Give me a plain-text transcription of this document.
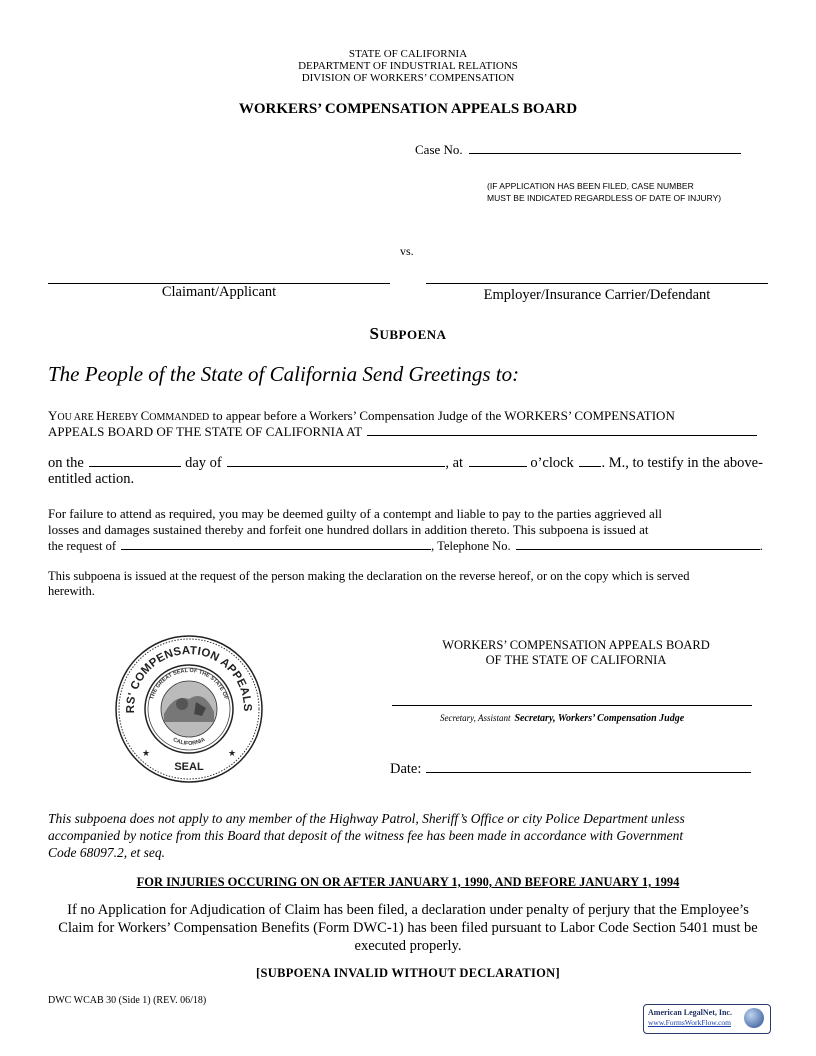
STATE OF CALIFORNIA
DEPARTMENT OF INDUSTRIAL RELATIONS
DIVISION OF WORKERS’ COMPENSATION
WORKERS’ COMPENSATION APPEALS BOARD
Case No.
(IF APPLICATION HAS BEEN FILED, CASE NUMBER
MUST BE INDICATED REGARDLESS OF DATE OF INJURY)
vs.
Claimant/Applicant	Employer/Insurance Carrier/Defendant
SUBPOENA
The People of the State of California Send Greetings to:
YOU ARE HEREBY COMMANDED to appear before a Workers’ Compensation Judge of the WORKERS’ COMPENSATION
APPEALS BOARD OF THE STATE OF CALIFORNIA AT
on the	day of	, at	o’clock . M., to testify in the above-
entitled action.
For failure to attend as required, you may be deemed guilty of a contempt and liable to pay to the parties aggrieved all
losses and damages sustained thereby and forfeit one hundred dollars in addition thereto. This subpoena is issued at
the request of	, Telephone No.	.
This subpoena is issued at the request of the person making the declaration on the reverse hereof, or on the copy which is served
herewith.
RS' COMPENSATION APPEALS
THE GREAT SEAL OF THE STATE OF
CALIFORNIA
SEAL
★	★
WORKERS’ COMPENSATION APPEALS BOARD
OF THE STATE OF CALIFORNIA
Secretary, Assistant Secretary, Workers’ Compensation Judge
Date:
This subpoena does not apply to any member of the Highway Patrol, Sheriff’s Office or city Police Department unless
accompanied by notice from this Board that deposit of the witness fee has been made in accordance with Government
Code 68097.2, et seq.
FOR INJURIES OCCURING ON OR AFTER JANUARY 1, 1990, AND BEFORE JANUARY 1, 1994
If no Application for Adjudication of Claim has been filed, a declaration under penalty of perjury that the Employee’s
Claim for Workers’ Compensation Benefits (Form DWC-1) has been filed pursuant to Labor Code Section 5401 must be
executed properly.
[SUBPOENA INVALID WITHOUT DECLARATION]
DWC WCAB 30 (Side 1) (REV. 06/18)
American LegalNet, Inc.
www.FormsWorkFlow.com
